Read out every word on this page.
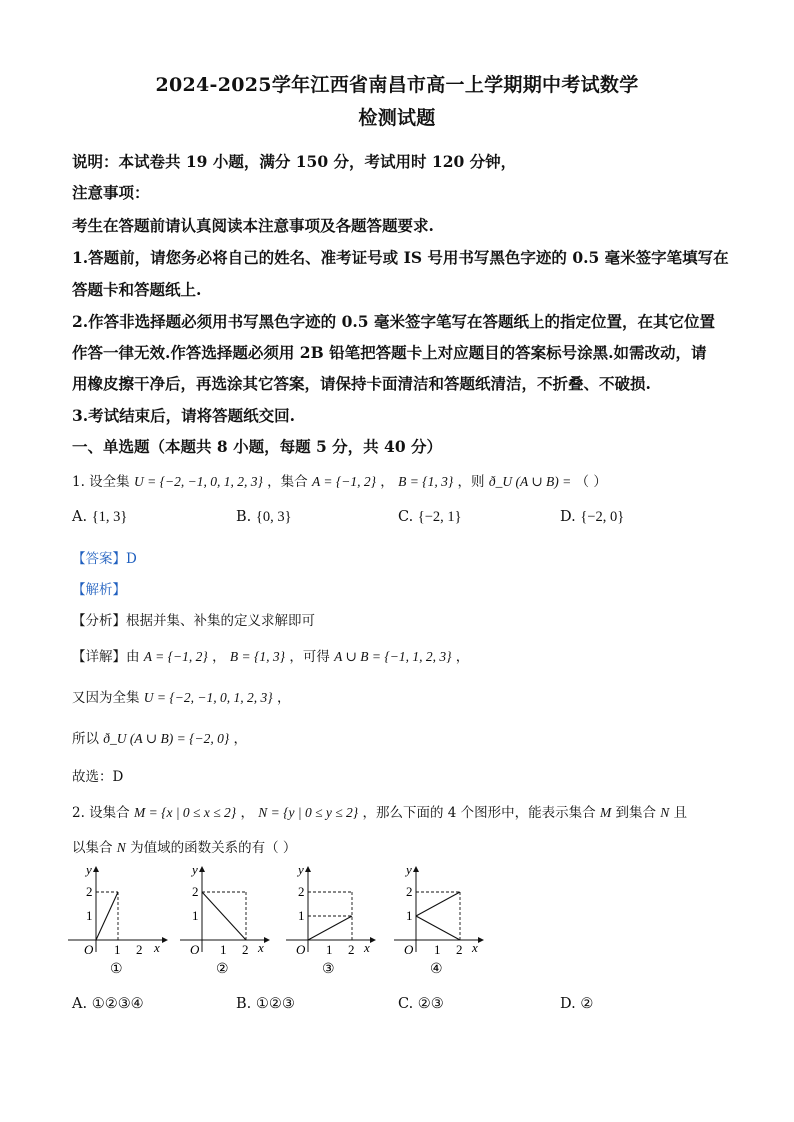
2024-2025学年江西省南昌市高一上学期期中考试数学
检测试题
说明：本试卷共 19 小题，满分 150 分，考试用时 120 分钟，
注意事项：
考生在答题前请认真阅读本注意事项及各题答题要求.
1.答题前，请您务必将自己的姓名、准考证号或 IS 号用书写黑色字迹的 0.5 毫米签字笔填写在
答题卡和答题纸上.
2.作答非选择题必须用书写黑色字迹的 0.5 毫米签字笔写在答题纸上的指定位置，在其它位置
作答一律无效.作答选择题必须用 2B 铅笔把答题卡上对应题目的答案标号涂黑.如需改动，请
用橡皮擦干净后，再选涂其它答案，请保持卡面清洁和答题纸清洁，不折叠、不破损.
3.考试结束后，请将答题纸交回.
一、单选题（本题共 8 小题，每题 5 分，共 40 分）
1. 设全集 U = {−2, −1, 0, 1, 2, 3} ，集合 A = {−1, 2} ， B = {1, 3} ，则 ð_U (A ∪ B) = （ ）
A. {1, 3}	B. {0, 3}	C. {−2, 1}	D. {−2, 0}
【答案】D
【解析】
【分析】根据并集、补集的定义求解即可
【详解】由 A = {−1, 2} ， B = {1, 3} ，可得 A ∪ B = {−1, 1, 2, 3} ，
又因为全集 U = {−2, −1, 0, 1, 2, 3} ，
所以 ð_U (A ∪ B) = {−2, 0} ，
故选：D
2. 设集合 M = {x | 0 ≤ x ≤ 2} ， N = {y | 0 ≤ y ≤ 2} ，那么下面的 4 个图形中，能表示集合 M 到集合 N 且
以集合 N 为值域的函数关系的有（ ）
2
1
O 1 2 x
y
①
2
1
O 1 2 x
y
②
2
1
O 1 2 x
y
③
2
1
O 1 2 x
y
④
A. ①②③④	B. ①②③	C. ②③	D. ②
